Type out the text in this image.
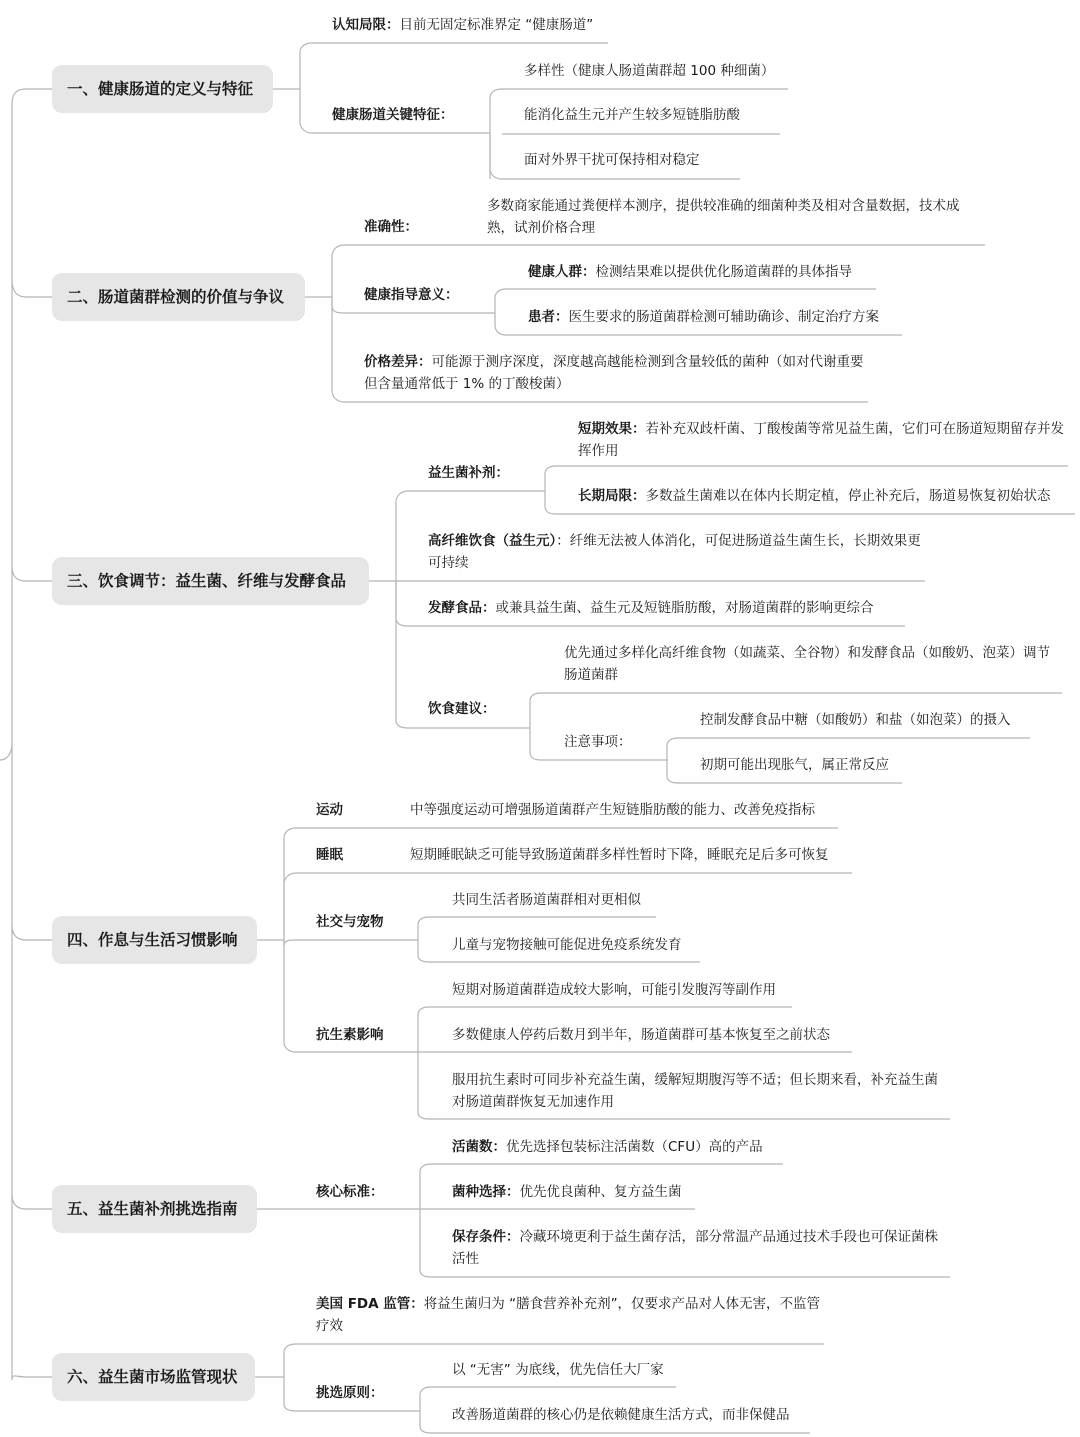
一、健康肠道的定义与特征
认知局限：目前无固定标准界定 “健康肠道”
健康肠道关键特征：
多样性（健康人肠道菌群超 100 种细菌）
能消化益生元并产生较多短链脂肪酸
面对外界干扰可保持相对稳定
二、肠道菌群检测的价值与争议
准确性：
多数商家能通过粪便样本测序，提供较准确的细菌种类及相对含量数据，技术成熟，试剂价格合理
健康指导意义：
健康人群：检测结果难以提供优化肠道菌群的具体指导
患者：医生要求的肠道菌群检测可辅助确诊、制定治疗方案
价格差异：可能源于测序深度，深度越高越能检测到含量较低的菌种（如对代谢重要但含量通常低于 1% 的丁酸梭菌）
三、饮食调节：益生菌、纤维与发酵食品
益生菌补剂：
短期效果：若补充双歧杆菌、丁酸梭菌等常见益生菌，它们可在肠道短期留存并发挥作用
长期局限：多数益生菌难以在体内长期定植，停止补充后，肠道易恢复初始状态
高纤维饮食（益生元）：纤维无法被人体消化，可促进肠道益生菌生长，长期效果更可持续
发酵食品：或兼具益生菌、益生元及短链脂肪酸，对肠道菌群的影响更综合
饮食建议：
优先通过多样化高纤维食物（如蔬菜、全谷物）和发酵食品（如酸奶、泡菜）调节肠道菌群
注意事项：
控制发酵食品中糖（如酸奶）和盐（如泡菜）的摄入
初期可能出现胀气，属正常反应
四、作息与生活习惯影响
运动	中等强度运动可增强肠道菌群产生短链脂肪酸的能力、改善免疫指标
睡眠	短期睡眠缺乏可能导致肠道菌群多样性暂时下降，睡眠充足后多可恢复
社交与宠物
共同生活者肠道菌群相对更相似
儿童与宠物接触可能促进免疫系统发育
抗生素影响
短期对肠道菌群造成较大影响，可能引发腹泻等副作用
多数健康人停药后数月到半年，肠道菌群可基本恢复至之前状态
服用抗生素时可同步补充益生菌，缓解短期腹泻等不适；但长期来看，补充益生菌对肠道菌群恢复无加速作用
五、益生菌补剂挑选指南
核心标准：
活菌数：优先选择包装标注活菌数（CFU）高的产品
菌种选择：优先优良菌种、复方益生菌
保存条件：冷藏环境更利于益生菌存活，部分常温产品通过技术手段也可保证菌株活性
六、益生菌市场监管现状
美国 FDA 监管：将益生菌归为 “膳食营养补充剂”，仅要求产品对人体无害，不监管疗效
挑选原则：
以 “无害” 为底线，优先信任大厂家
改善肠道菌群的核心仍是依赖健康生活方式，而非保健品
